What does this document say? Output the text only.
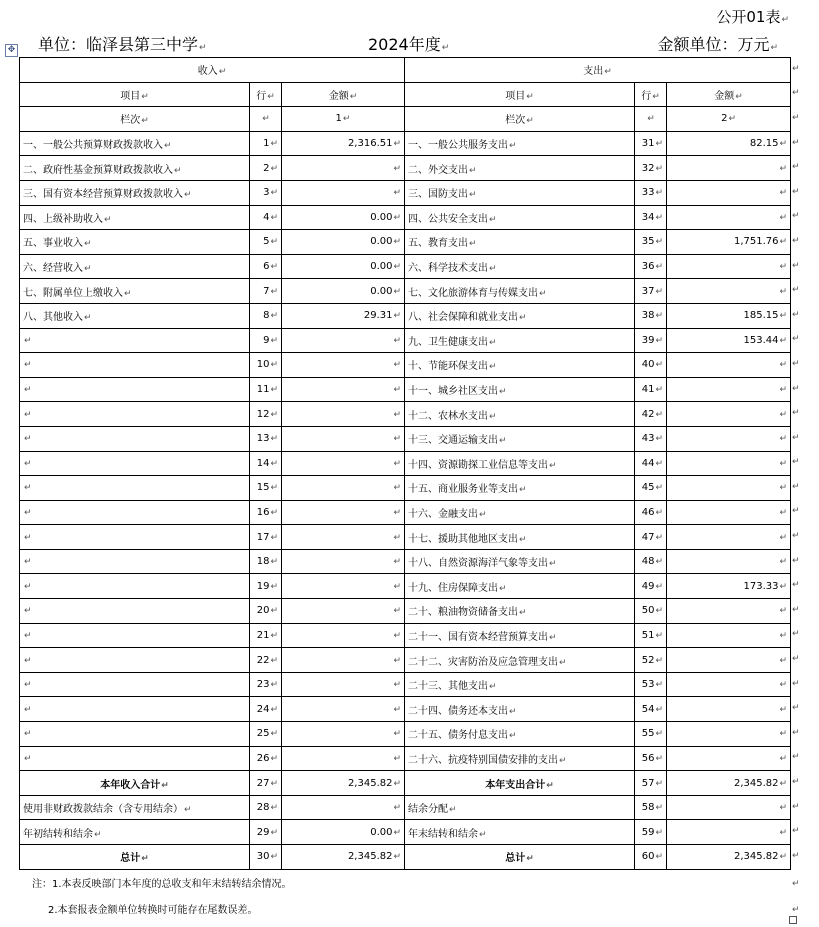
公开01表↵
单位：临泽县第三中学↵	2024年度↵	金额单位：万元↵
✥
收入↵			支出↵		
项目↵	行↵	金额↵	项目↵	行↵	金额↵
栏次↵	↵	1↵	栏次↵	↵	2↵
一、一般公共预算财政拨款收入↵	1↵	2,316.51↵	一、一般公共服务支出↵	31↵	82.15↵
二、政府性基金预算财政拨款收入↵	2↵	↵	二、外交支出↵	32↵	↵
三、国有资本经营预算财政拨款收入↵	3↵	↵	三、国防支出↵	33↵	↵
四、上级补助收入↵	4↵	0.00↵	四、公共安全支出↵	34↵	↵
五、事业收入↵	5↵	0.00↵	五、教育支出↵	35↵	1,751.76↵
六、经营收入↵	6↵	0.00↵	六、科学技术支出↵	36↵	↵
七、附属单位上缴收入↵	7↵	0.00↵	七、文化旅游体育与传媒支出↵	37↵	↵
八、其他收入↵	8↵	29.31↵	八、社会保障和就业支出↵	38↵	185.15↵
↵	9↵	↵	九、卫生健康支出↵	39↵	153.44↵
↵	10↵	↵	十、节能环保支出↵	40↵	↵
↵	11↵	↵	十一、城乡社区支出↵	41↵	↵
↵	12↵	↵	十二、农林水支出↵	42↵	↵
↵	13↵	↵	十三、交通运输支出↵	43↵	↵
↵	14↵	↵	十四、资源勘探工业信息等支出↵	44↵	↵
↵	15↵	↵	十五、商业服务业等支出↵	45↵	↵
↵	16↵	↵	十六、金融支出↵	46↵	↵
↵	17↵	↵	十七、援助其他地区支出↵	47↵	↵
↵	18↵	↵	十八、自然资源海洋气象等支出↵	48↵	↵
↵	19↵	↵	十九、住房保障支出↵	49↵	173.33↵
↵	20↵	↵	二十、粮油物资储备支出↵	50↵	↵
↵	21↵	↵	二十一、国有资本经营预算支出↵	51↵	↵
↵	22↵	↵	二十二、灾害防治及应急管理支出↵	52↵	↵
↵	23↵	↵	二十三、其他支出↵	53↵	↵
↵	24↵	↵	二十四、债务还本支出↵	54↵	↵
↵	25↵	↵	二十五、债务付息支出↵	55↵	↵
↵	26↵	↵	二十六、抗疫特别国债安排的支出↵	56↵	↵
本年收入合计↵	27↵	2,345.82↵	本年支出合计↵	57↵	2,345.82↵
使用非财政拨款结余（含专用结余）↵	28↵	↵	结余分配↵	58↵	↵
年初结转和结余↵	29↵	0.00↵	年末结转和结余↵	59↵	↵
总计↵	30↵	2,345.82↵	总计↵	60↵	2,345.82↵
注：1.本表反映部门本年度的总收支和年末结转结余情况。
2.本套报表金额单位转换时可能存在尾数误差。
↵
↵
↵
↵
↵
↵
↵
↵
↵
↵
↵
↵
↵
↵
↵
↵
↵
↵
↵
↵
↵
↵
↵
↵
↵
↵
↵
↵
↵
↵
↵
↵
↵
↵
↵
